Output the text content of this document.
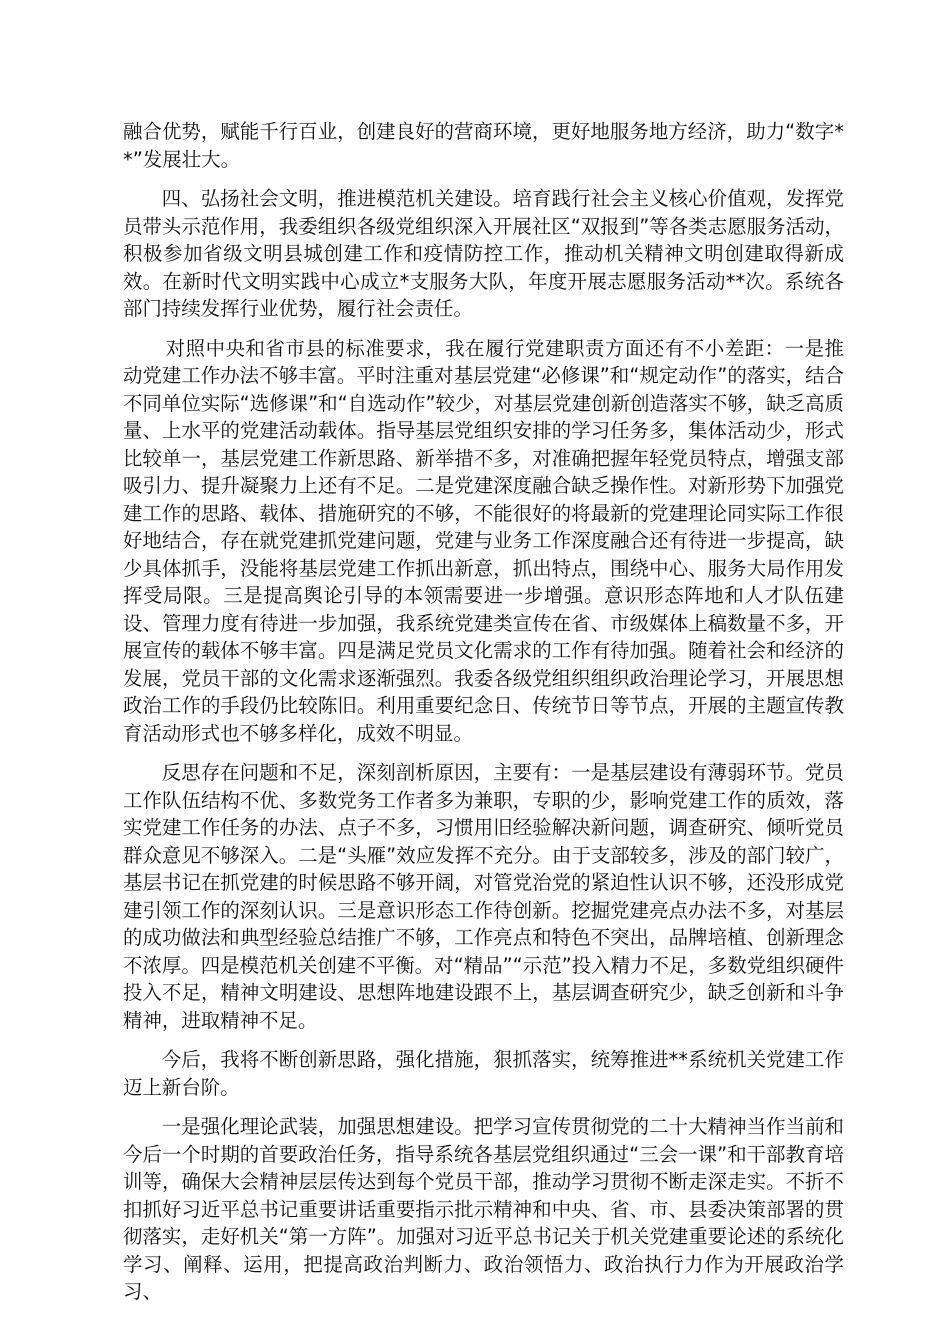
融合优势，赋能千行百业，创建良好的营商环境，更好地服务地方经济，助力“数字**”发展壮大。

四、弘扬社会文明，推进模范机关建设。培育践行社会主义核心价值观，发挥党员带头示范作用，我委组织各级党组织深入开展社区“双报到”等各类志愿服务活动，积极参加省级文明县城创建工作和疫情防控工作，推动机关精神文明创建取得新成效。在新时代文明实践中心成立*支服务大队，年度开展志愿服务活动**次。系统各部门持续发挥行业优势，履行社会责任。

对照中央和省市县的标准要求，我在履行党建职责方面还有不小差距：一是推动党建工作办法不够丰富。平时注重对基层党建“必修课”和“规定动作”的落实，结合不同单位实际“选修课”和“自选动作”较少，对基层党建创新创造落实不够，缺乏高质量、上水平的党建活动载体。指导基层党组织安排的学习任务多，集体活动少，形式比较单一，基层党建工作新思路、新举措不多，对准确把握年轻党员特点，增强支部吸引力、提升凝聚力上还有不足。二是党建深度融合缺乏操作性。对新形势下加强党建工作的思路、载体、措施研究的不够，不能很好的将最新的党建理论同实际工作很好地结合，存在就党建抓党建问题，党建与业务工作深度融合还有待进一步提高，缺少具体抓手，没能将基层党建工作抓出新意，抓出特点，围绕中心、服务大局作用发挥受局限。三是提高舆论引导的本领需要进一步增强。意识形态阵地和人才队伍建设、管理力度有待进一步加强，我系统党建类宣传在省、市级媒体上稿数量不多，开展宣传的载体不够丰富。四是满足党员文化需求的工作有待加强。随着社会和经济的发展，党员干部的文化需求逐渐强烈。我委各级党组织组织政治理论学习，开展思想政治工作的手段仍比较陈旧。利用重要纪念日、传统节日等节点，开展的主题宣传教育活动形式也不够多样化，成效不明显。

反思存在问题和不足，深刻剖析原因，主要有：一是基层建设有薄弱环节。党员工作队伍结构不优、多数党务工作者多为兼职，专职的少，影响党建工作的质效，落实党建工作任务的办法、点子不多，习惯用旧经验解决新问题，调查研究、倾听党员群众意见不够深入。二是“头雁”效应发挥不充分。由于支部较多，涉及的部门较广，基层书记在抓党建的时候思路不够开阔，对管党治党的紧迫性认识不够，还没形成党建引领工作的深刻认识。三是意识形态工作待创新。挖掘党建亮点办法不多，对基层的成功做法和典型经验总结推广不够，工作亮点和特色不突出，品牌培植、创新理念不浓厚。四是模范机关创建不平衡。对“精品”“示范”投入精力不足，多数党组织硬件投入不足，精神文明建设、思想阵地建设跟不上，基层调查研究少，缺乏创新和斗争精神，进取精神不足。

今后，我将不断创新思路，强化措施，狠抓落实，统筹推进**系统机关党建工作迈上新台阶。

一是强化理论武装，加强思想建设。把学习宣传贯彻党的二十大精神当作当前和今后一个时期的首要政治任务，指导系统各基层党组织通过“三会一课”和干部教育培训等，确保大会精神层层传达到每个党员干部，推动学习贯彻不断走深走实。不折不扣抓好习近平总书记重要讲话重要指示批示精神和中央、省、市、县委决策部署的贯彻落实，走好机关“第一方阵”。加强对习近平总书记关于机关党建重要论述的系统化学习、阐释、运用，把提高政治判断力、政治领悟力、政治执行力作为开展政治学习、
